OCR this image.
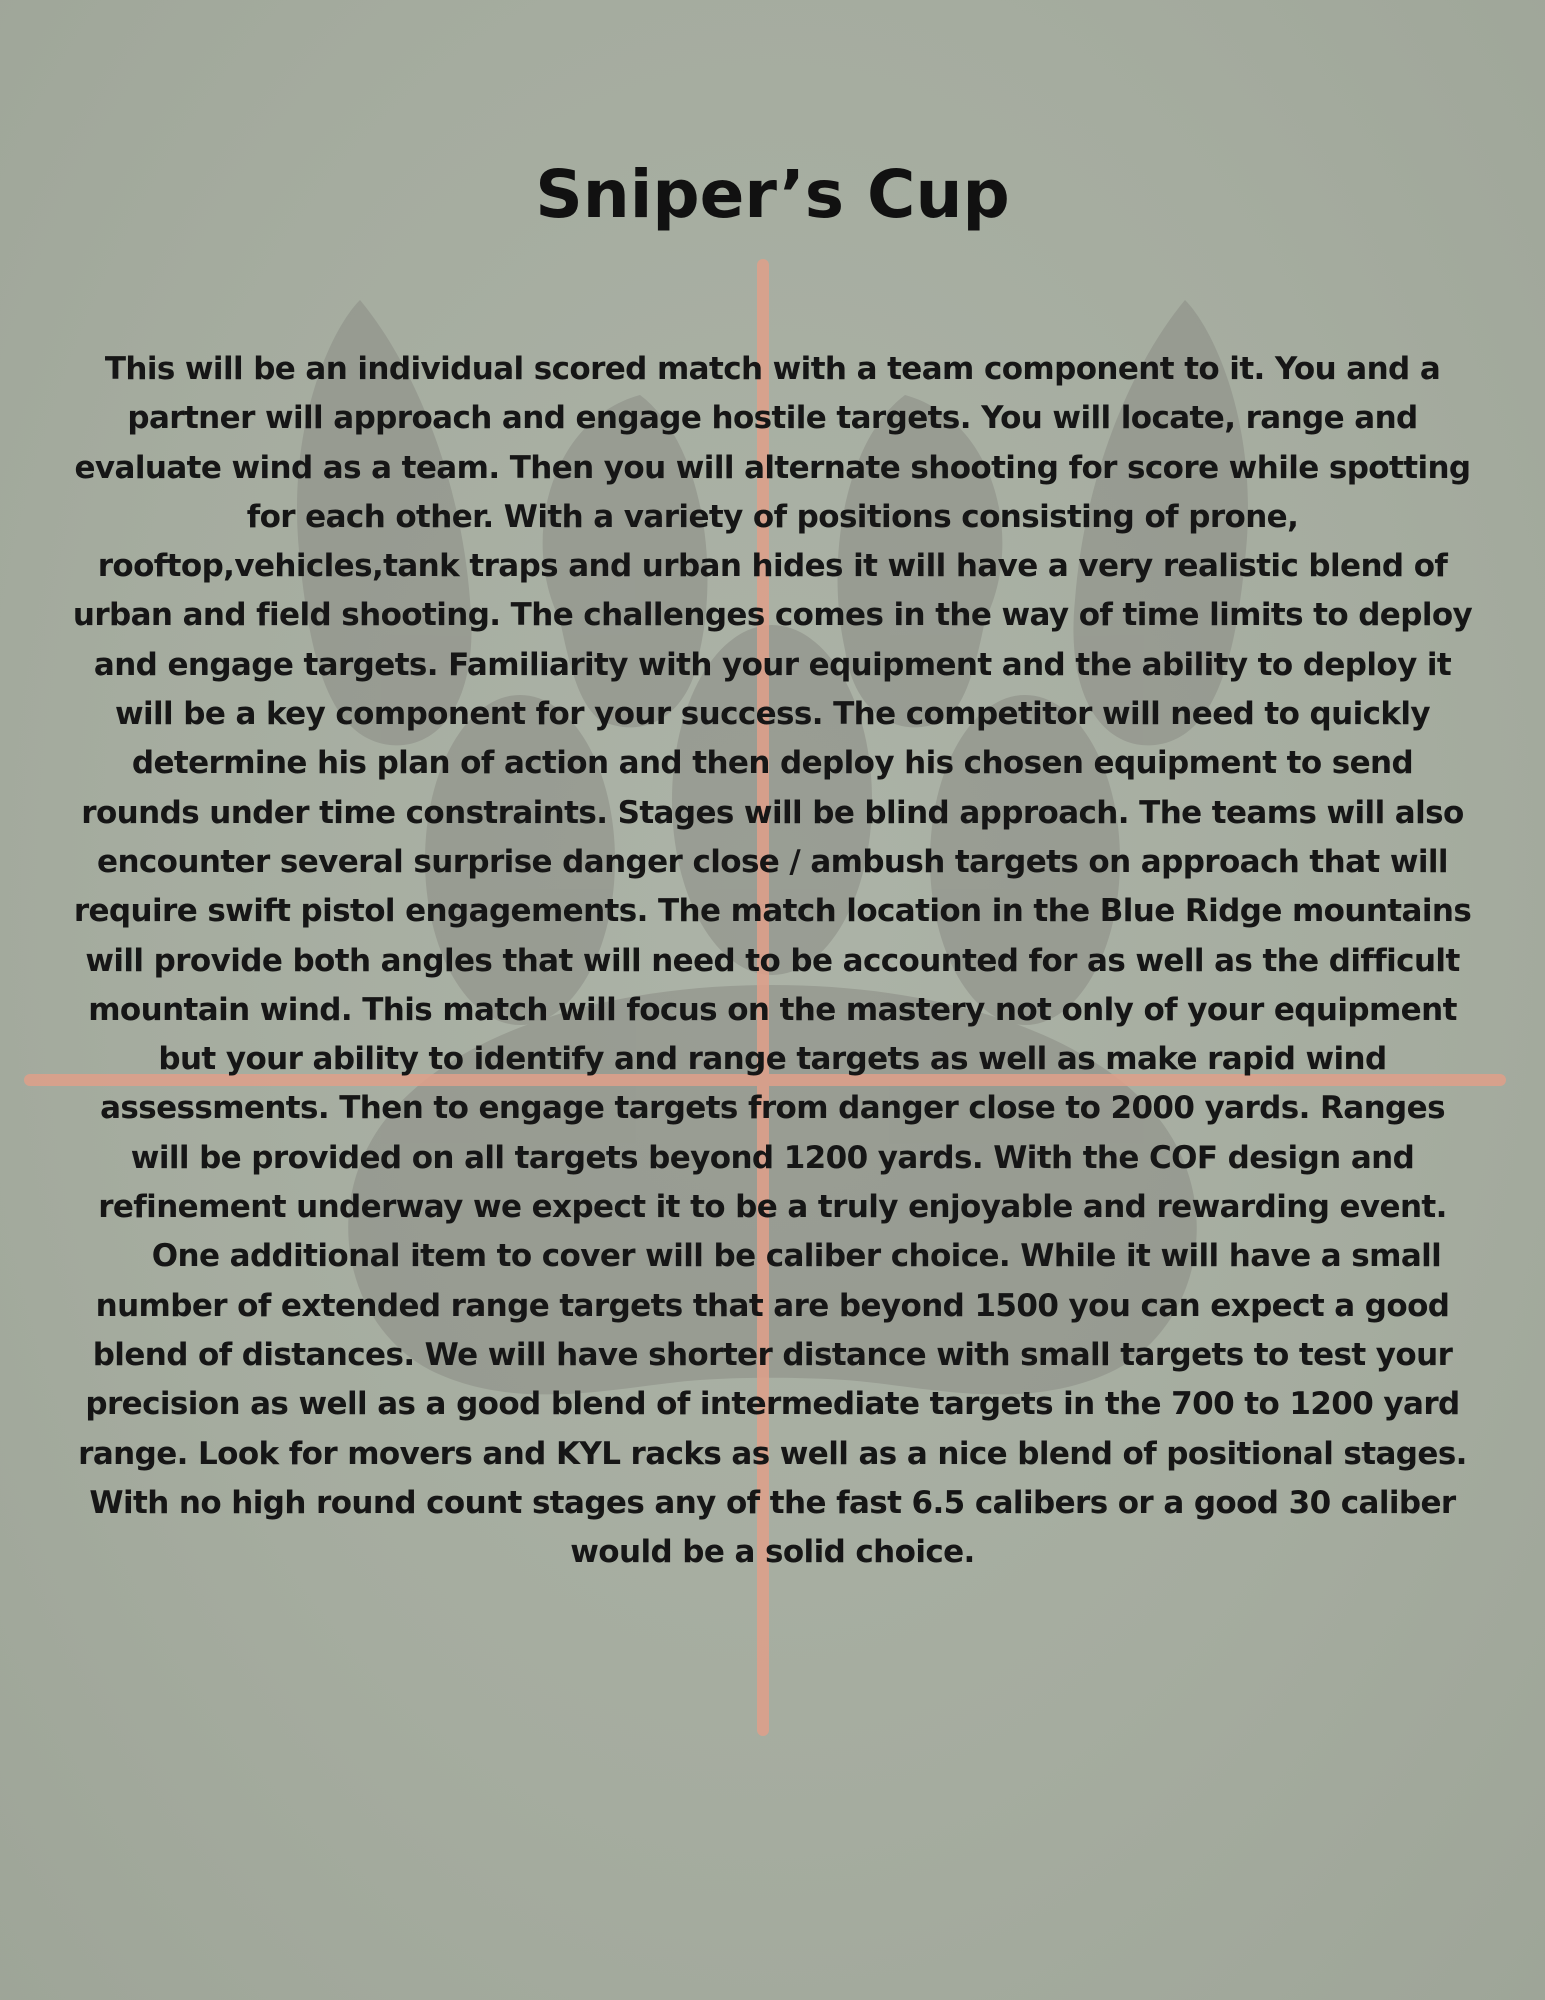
Sniper’s Cup

This will be an individual scored match with a team component to it. You and a partner will approach and engage hostile targets. You will locate, range and evaluate wind as a team. Then you will alternate shooting for score while spotting for each other. With a variety of positions consisting of prone, rooftop,vehicles,tank traps and urban hides it will have a very realistic blend of urban and field shooting. The challenges comes in the way of time limits to deploy and engage targets. Familiarity with your equipment and the ability to deploy it will be a key component for your success. The competitor will need to quickly determine his plan of action and then deploy his chosen equipment to send rounds under time constraints. Stages will be blind approach. The teams will also encounter several surprise danger close / ambush targets on approach that will require swift pistol engagements. The match location in the Blue Ridge mountains will provide both angles that will need to be accounted for as well as the difficult mountain wind. This match will focus on the mastery not only of your equipment but your ability to identify and range targets as well as make rapid wind assessments. Then to engage targets from danger close to 2000 yards. Ranges will be provided on all targets beyond 1200 yards. With the COF design and refinement underway we expect it to be a truly enjoyable and rewarding event.

One additional item to cover will be caliber choice. While it will have a small number of extended range targets that are beyond 1500 you can expect a good blend of distances. We will have shorter distance with small targets to test your precision as well as a good blend of intermediate targets in the 700 to 1200 yard range. Look for movers and KYL racks as well as a nice blend of positional stages. With no high round count stages any of the fast 6.5 calibers or a good 30 caliber would be a solid choice.
